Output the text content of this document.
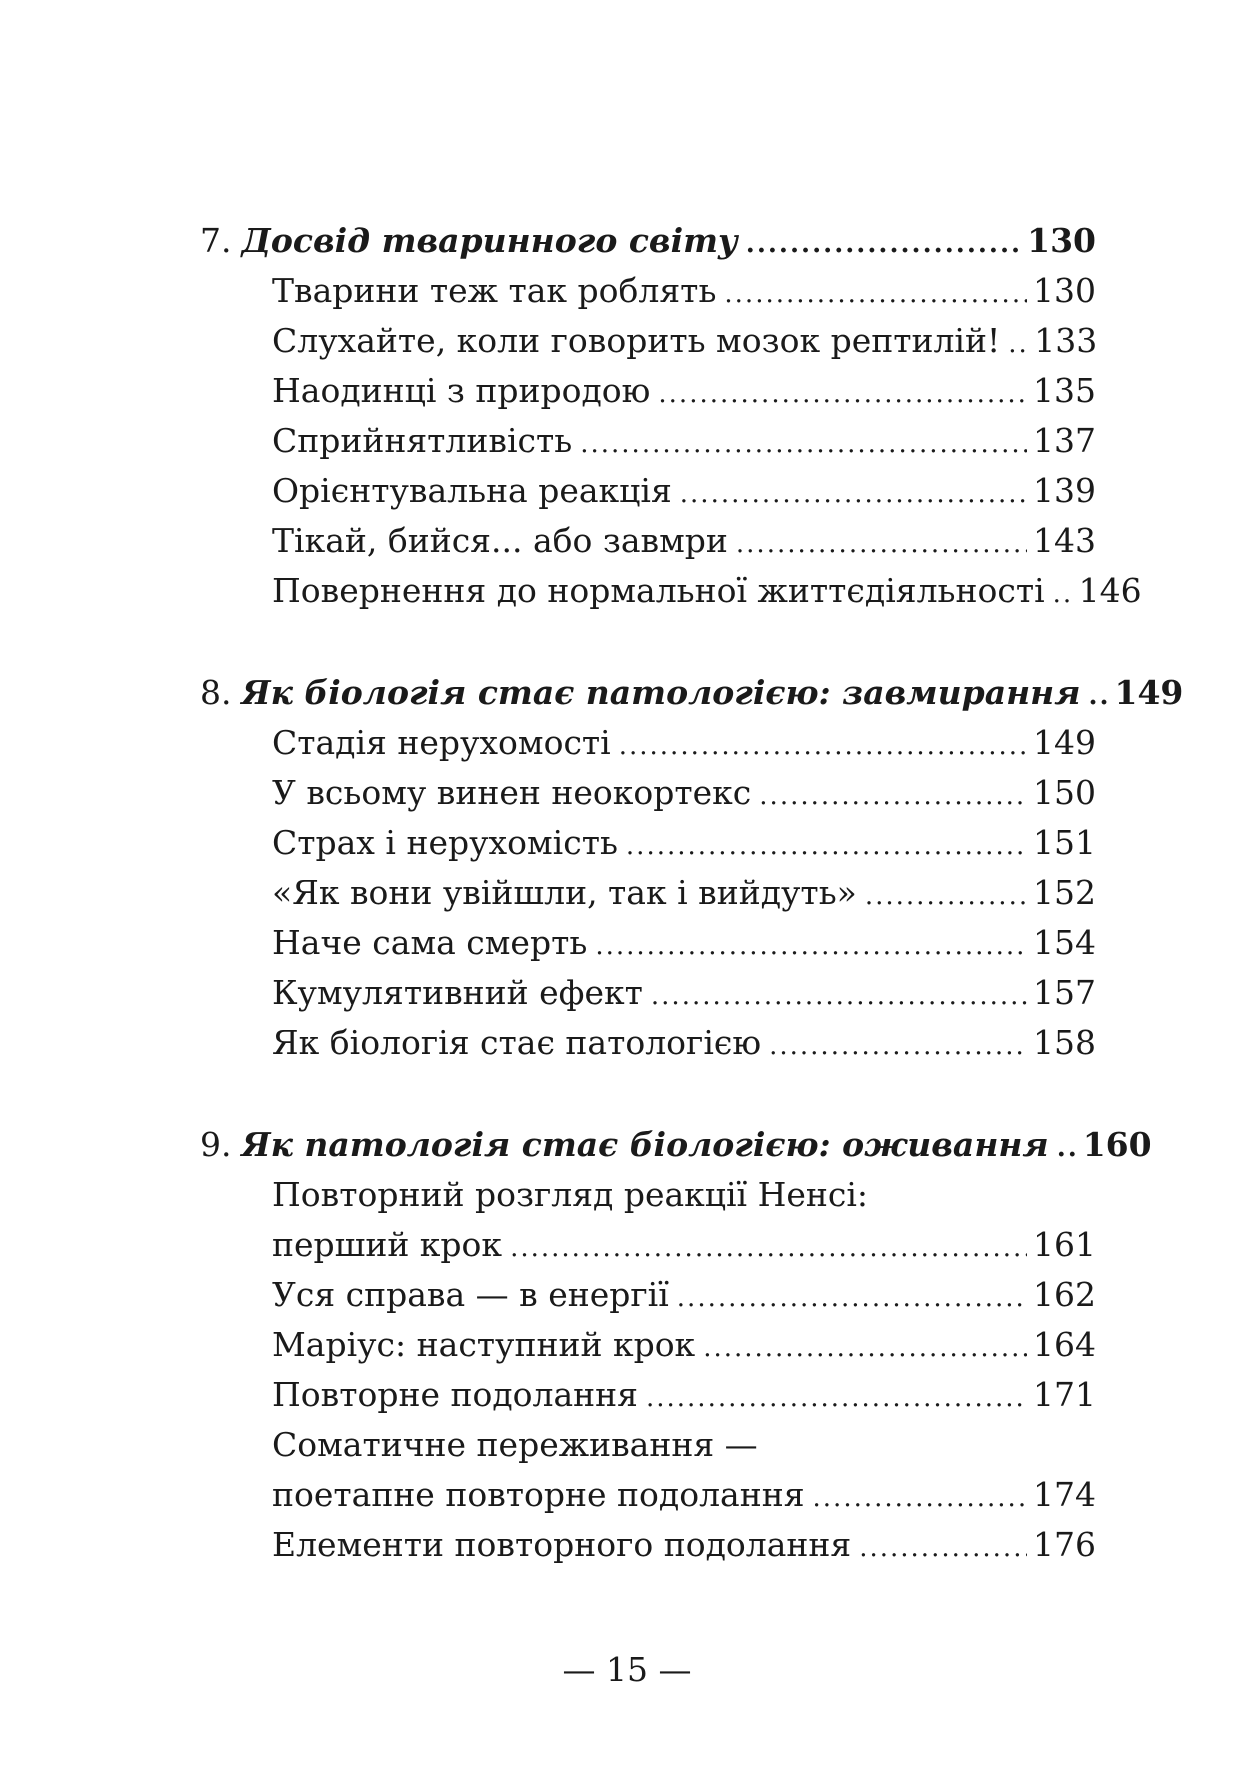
7. Досвід тваринного світу .....	130
Тварини теж так роблять .....	130
Слухайте, коли говорить мозок рептилій! ..... 133
Наодинці з природою .....	135
Сприйнятливість .....	137
Орієнтувальна реакція .....	139
Тікай, бийся... або завмри .....	143
Повернення до нормальної життєдіяльності ..... 146
8. Як біологія стає патологією: завмирання ..... 149
Стадія нерухомості .....	149
У всьому винен неокортекс .....	150
Страх і нерухомість .....	151
«Як вони увійшли, так і вийдуть» .....	152
Наче сама смерть .....	154
Кумулятивний ефект .....	157
Як біологія стає патологією .....	158
9. Як патологія стає біологією: оживання ..... 160
Повторний розгляд реакції Ненсі:
перший крок .....	161
Уся справа — в енергії .....	162
Маріус: наступний крок .....	164
Повторне подолання .....	171
Соматичне переживання —
поетапне повторне подолання .....	174
Елементи повторного подолання .....	176
— 15 —
